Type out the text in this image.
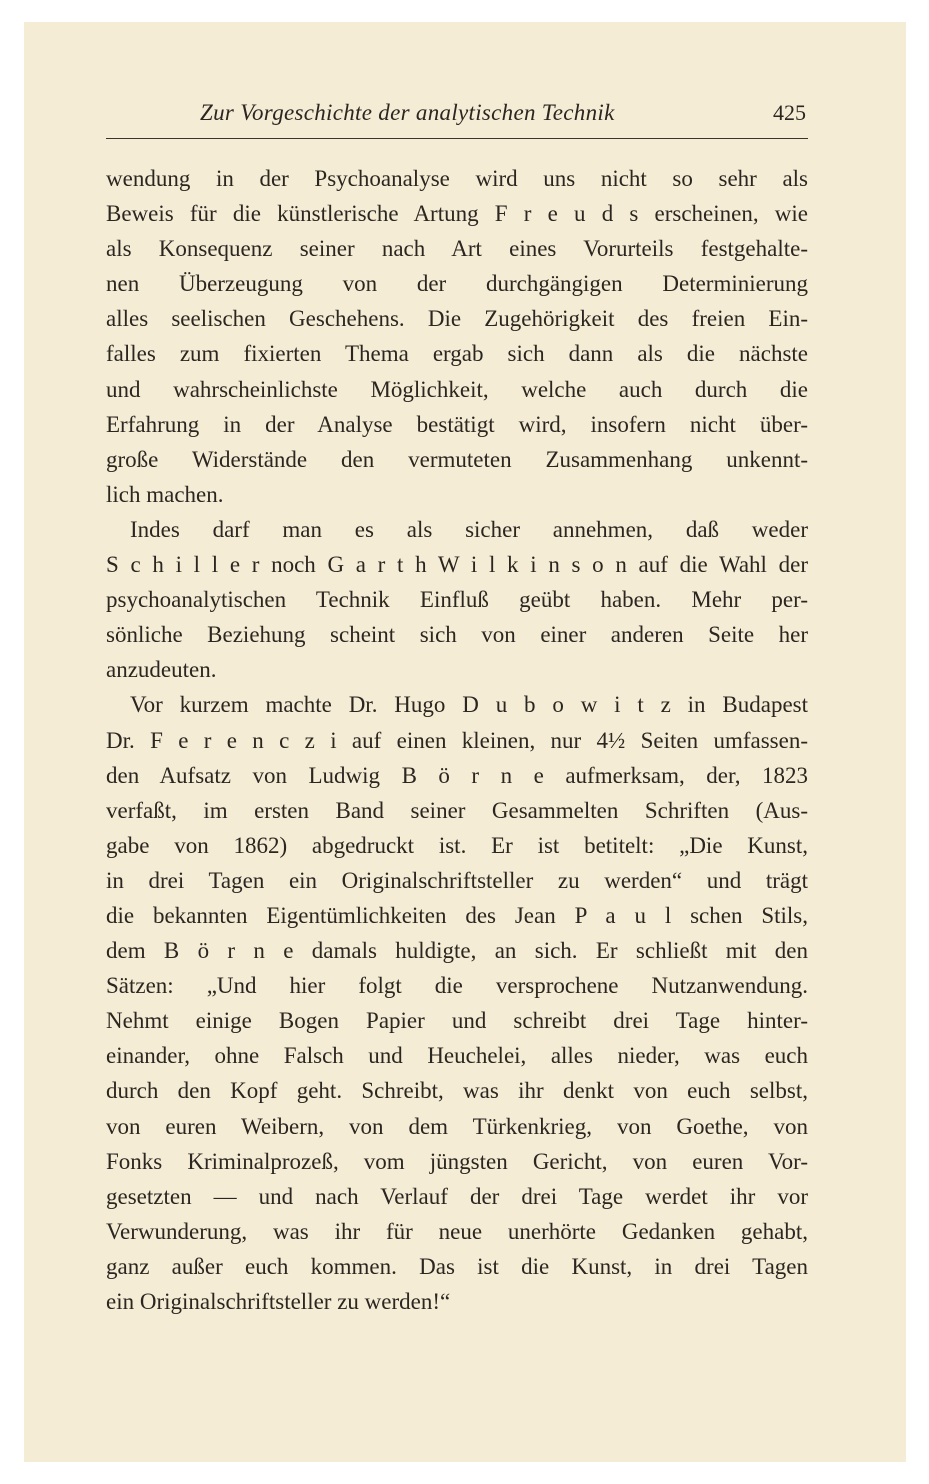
Zur Vorgeschichte der analytischen Technik	425
wendung in der Psychoanalyse wird uns nicht so sehr als
Beweis für die künstlerische Artung F r e u d s erscheinen, wie
als Konsequenz seiner nach Art eines Vorurteils festgehalte-
nen Überzeugung von der durchgängigen Determinierung
alles seelischen Geschehens. Die Zugehörigkeit des freien Ein-
falles zum fixierten Thema ergab sich dann als die nächste
und wahrscheinlichste Möglichkeit, welche auch durch die
Erfahrung in der Analyse bestätigt wird, insofern nicht über-
große Widerstände den vermuteten Zusammenhang unkennt-
lich machen.
Indes darf man es als sicher annehmen, daß weder
S c h i l l e r noch G a r t h W i l k i n s o n auf die Wahl der
psychoanalytischen Technik Einfluß geübt haben. Mehr per-
sönliche Beziehung scheint sich von einer anderen Seite her
anzudeuten.
Vor kurzem machte Dr. Hugo D u b o w i t z in Budapest
Dr. F e r e n c z i auf einen kleinen, nur 4½ Seiten umfassen-
den Aufsatz von Ludwig B ö r n e aufmerksam, der, 1823
verfaßt, im ersten Band seiner Gesammelten Schriften (Aus-
gabe von 1862) abgedruckt ist. Er ist betitelt: „Die Kunst,
in drei Tagen ein Originalschriftsteller zu werden“ und trägt
die bekannten Eigentümlichkeiten des Jean P a u l schen Stils,
dem B ö r n e damals huldigte, an sich. Er schließt mit den
Sätzen: „Und hier folgt die versprochene Nutzanwendung.
Nehmt einige Bogen Papier und schreibt drei Tage hinter-
einander, ohne Falsch und Heuchelei, alles nieder, was euch
durch den Kopf geht. Schreibt, was ihr denkt von euch selbst,
von euren Weibern, von dem Türkenkrieg, von Goethe, von
Fonks Kriminalprozeß, vom jüngsten Gericht, von euren Vor-
gesetzten — und nach Verlauf der drei Tage werdet ihr vor
Verwunderung, was ihr für neue unerhörte Gedanken gehabt,
ganz außer euch kommen. Das ist die Kunst, in drei Tagen
ein Originalschriftsteller zu werden!“
